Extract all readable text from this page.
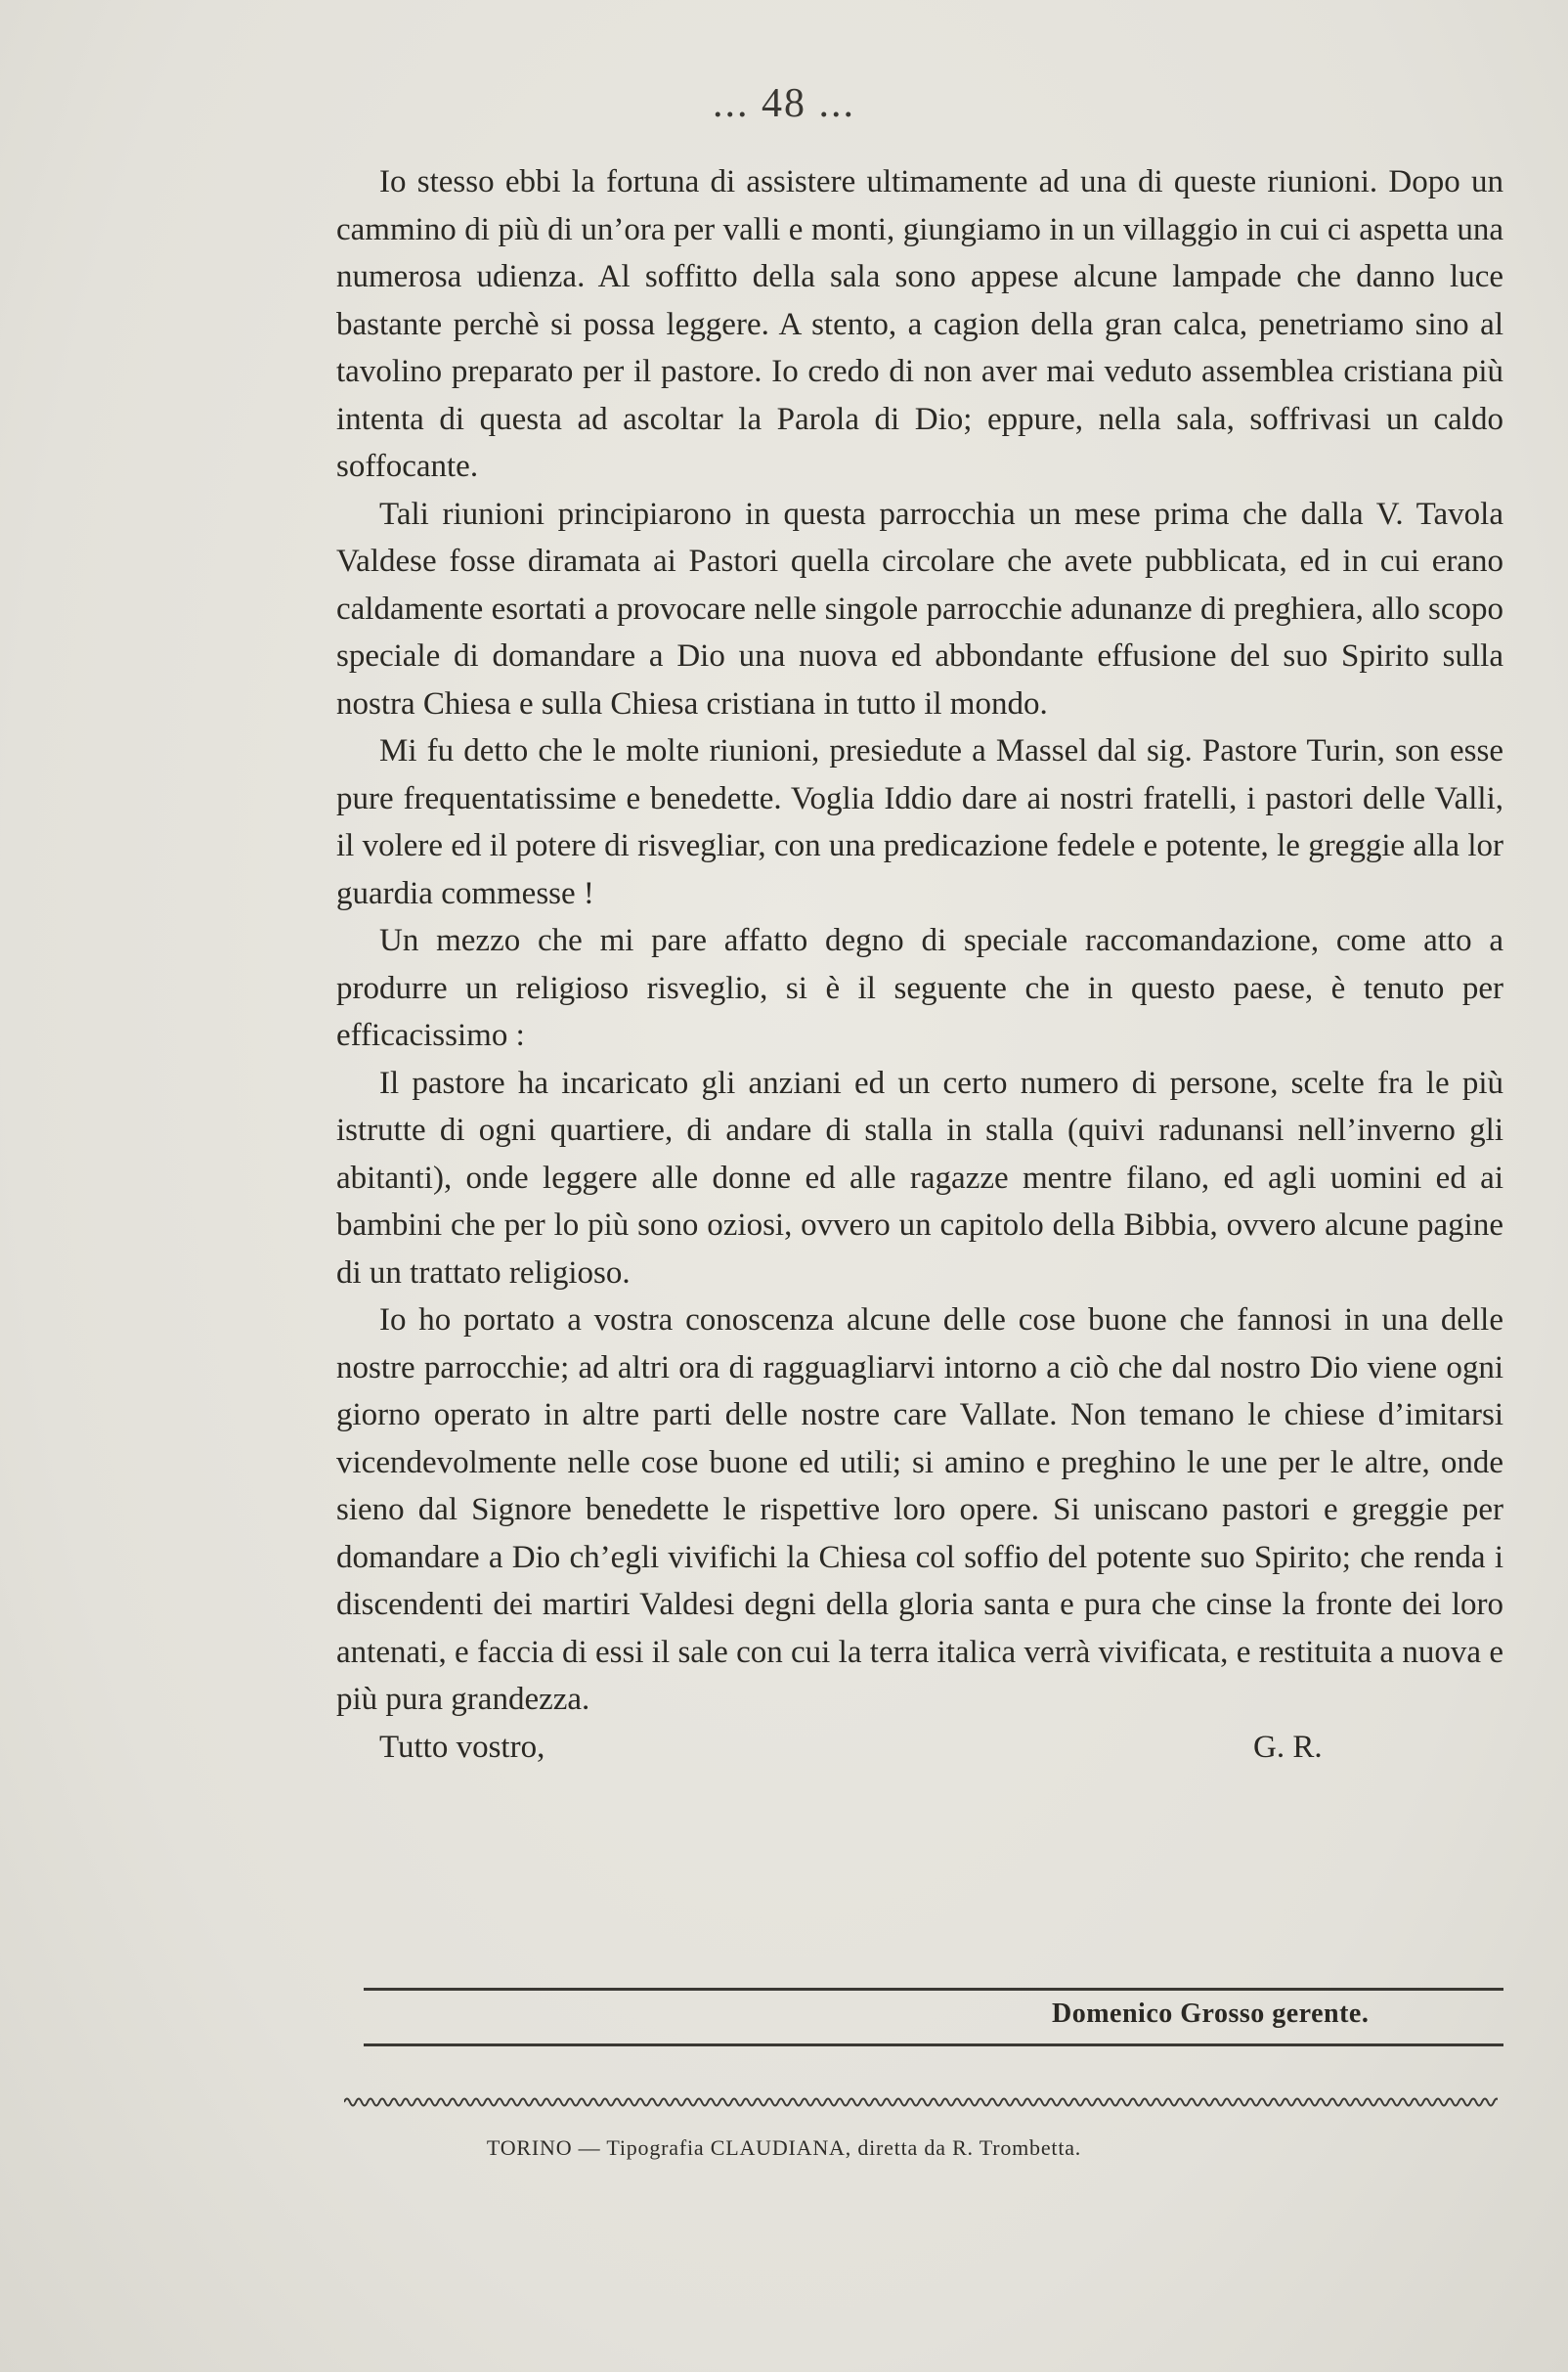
... 48 ...

Io stesso ebbi la fortuna di assistere ultimamente ad una di queste riunioni. Dopo un cammino di più di un’ora per valli e monti, giungiamo in un villaggio in cui ci aspetta una numerosa udienza. Al soffitto della sala sono appese alcune lampade che danno luce bastante perchè si possa leggere. A stento, a cagion della gran calca, penetriamo sino al tavolino preparato per il pastore. Io credo di non aver mai veduto assemblea cristiana più intenta di questa ad ascoltar la Parola di Dio; eppure, nella sala, soffrivasi un caldo soffocante.

Tali riunioni principiarono in questa parrocchia un mese prima che dalla V. Tavola Valdese fosse diramata ai Pastori quella circolare che avete pubblicata, ed in cui erano caldamente esortati a provocare nelle singole parrocchie adunanze di preghiera, allo scopo speciale di domandare a Dio una nuova ed abbondante effusione del suo Spirito sulla nostra Chiesa e sulla Chiesa cristiana in tutto il mondo.

Mi fu detto che le molte riunioni, presiedute a Massel dal sig. Pastore Turin, son esse pure frequentatissime e benedette. Voglia Iddio dare ai nostri fratelli, i pastori delle Valli, il volere ed il potere di risvegliar, con una predicazione fedele e potente, le greggie alla lor guardia commesse !

Un mezzo che mi pare affatto degno di speciale raccomandazione, come atto a produrre un religioso risveglio, si è il seguente che in questo paese, è tenuto per efficacissimo :

Il pastore ha incaricato gli anziani ed un certo numero di persone, scelte fra le più istrutte di ogni quartiere, di andare di stalla in stalla (quivi radunansi nell’inverno gli abitanti), onde leggere alle donne ed alle ragazze mentre filano, ed agli uomini ed ai bambini che per lo più sono oziosi, ovvero un capitolo della Bibbia, ovvero alcune pagine di un trattato religioso.

Io ho portato a vostra conoscenza alcune delle cose buone che fannosi in una delle nostre parrocchie; ad altri ora di ragguagliarvi intorno a ciò che dal nostro Dio viene ogni giorno operato in altre parti delle nostre care Vallate. Non temano le chiese d’imitarsi vicendevolmente nelle cose buone ed utili; si amino e preghino le une per le altre, onde sieno dal Signore benedette le rispettive loro opere. Si uniscano pastori e greggie per domandare a Dio ch’egli vivifichi la Chiesa col soffio del potente suo Spirito; che renda i discendenti dei martiri Valdesi degni della gloria santa e pura che cinse la fronte dei loro antenati, e faccia di essi il sale con cui la terra italica verrà vivificata, e restituita a nuova e più pura grandezza.

Tutto vostro,	G. R.
Domenico Grosso gerente.
TORINO — Tipografia CLAUDIANA, diretta da R. Trombetta.
